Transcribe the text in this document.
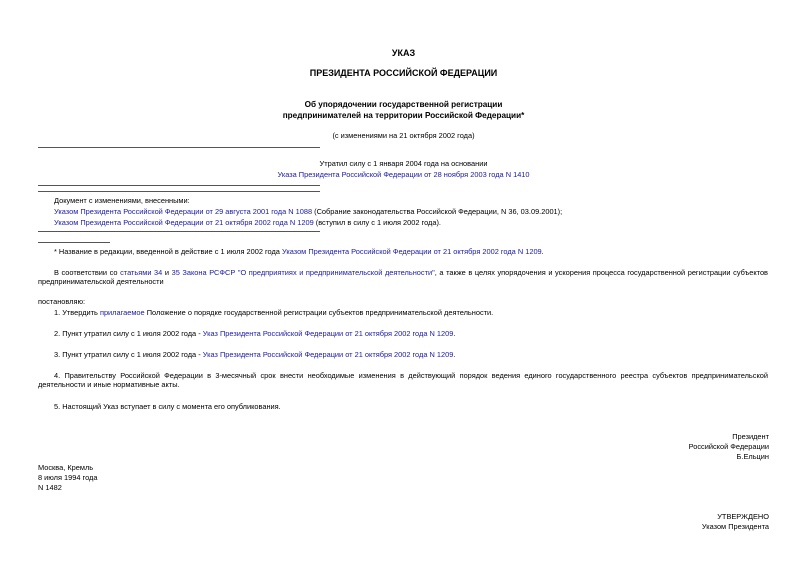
УКАЗ
ПРЕЗИДЕНТА РОССИЙСКОЙ ФЕДЕРАЦИИ
Об упорядочении государственной регистрации
предпринимателей на территории Российской Федерации*
(с изменениями на 21 октября 2002 года)
Утратил силу с 1 января 2004 года на основании
Указа Президента Российской Федерации от 28 ноября 2003 года N 1410
Документ с изменениями, внесенными:
Указом Президента Российской Федерации от 29 августа 2001 года N 1088 (Собрание законодательства Российской Федерации, N 36, 03.09.2001);
Указом Президента Российской Федерации от 21 октября 2002 года N 1209 (вступил в силу с 1 июля 2002 года).
* Название в редакции, введенной в действие с 1 июля 2002 года Указом Президента Российской Федерации от 21 октября 2002 года N 1209.
В соответствии со статьями 34 и 35 Закона РСФСР "О предприятиях и предпринимательской деятельности", а также в целях упорядочения и ускорения процесса государственной регистрации субъектов предпринимательской деятельности
постановляю:
1. Утвердить прилагаемое Положение о порядке государственной регистрации субъектов предпринимательской деятельности.
2. Пункт утратил силу с 1 июля 2002 года - Указ Президента Российской Федерации от 21 октября 2002 года N 1209.
3. Пункт утратил силу с 1 июля 2002 года - Указ Президента Российской Федерации от 21 октября 2002 года N 1209.
4. Правительству Российской Федерации в 3-месячный срок внести необходимые изменения в действующий порядок ведения единого государственного реестра субъектов предпринимательской деятельности и иные нормативные акты.
5. Настоящий Указ вступает в силу с момента его опубликования.
Президент
Российской Федерации
Б.Ельцин
Москва, Кремль
8 июля 1994 года
N 1482
УТВЕРЖДЕНО
Указом Президента
